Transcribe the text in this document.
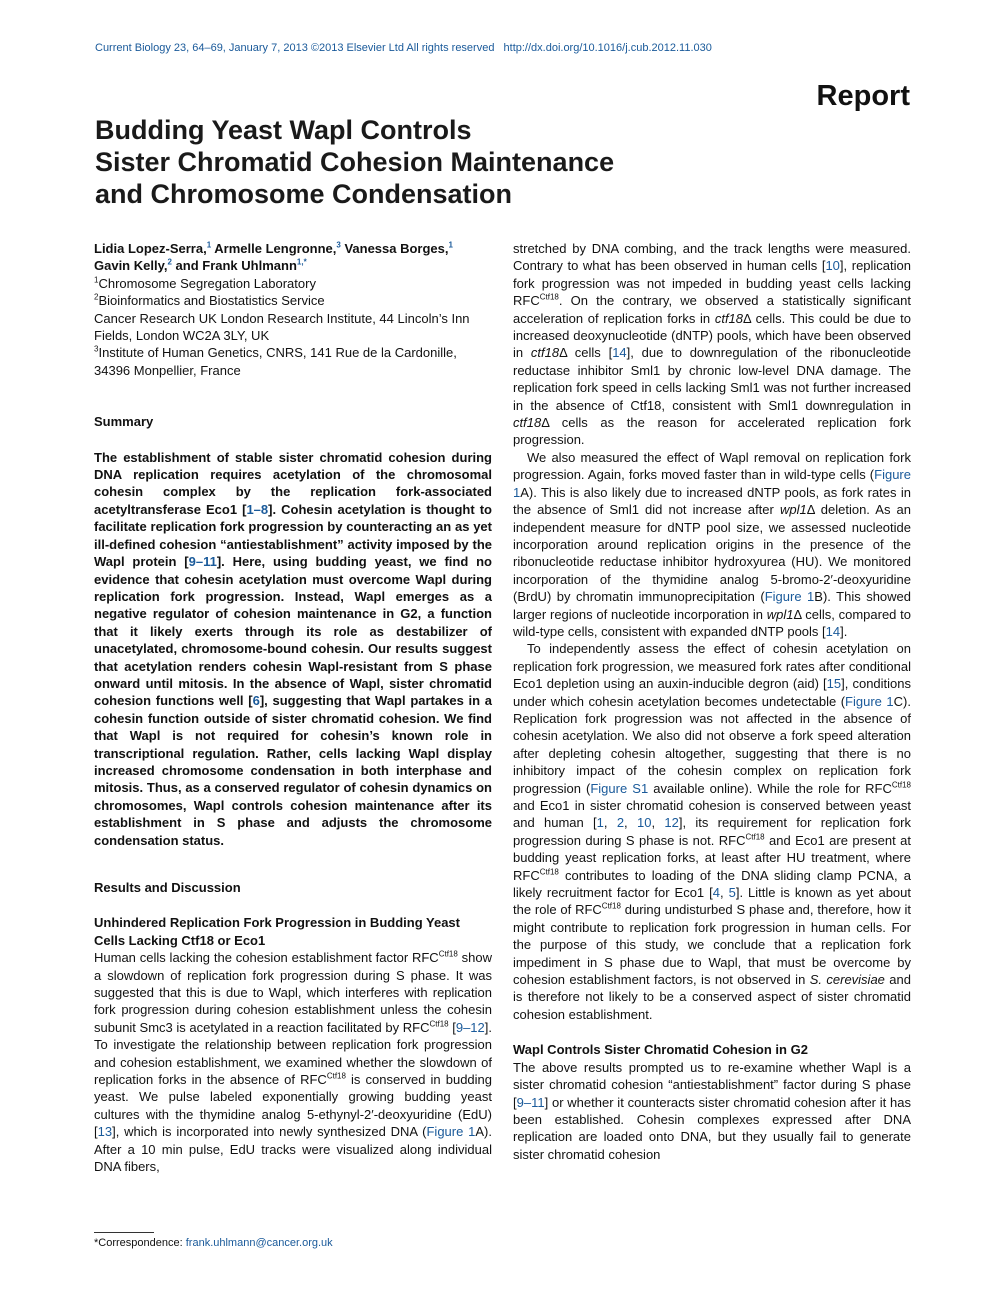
Current Biology 23, 64–69, January 7, 2013 ©2013 Elsevier Ltd All rights reserved http://dx.doi.org/10.1016/j.cub.2012.11.030
Report
Budding Yeast Wapl Controls
Sister Chromatid Cohesion Maintenance
and Chromosome Condensation
Lidia Lopez-Serra,$^1$ Armelle Lengronne,$^3$ Vanessa Borges,$^1$
Gavin Kelly,$^2$ and Frank Uhlmann$^{1,*}$
$^1$Chromosome Segregation Laboratory
$^2$Bioinformatics and Biostatistics Service
Cancer Research UK London Research Institute, 44 Lincoln’s Inn Fields, London WC2A 3LY, UK
$^3$Institute of Human Genetics, CNRS, 141 Rue de la Cardonille, 34396 Monpellier, France
Summary

The establishment of stable sister chromatid cohesion during DNA replication requires acetylation of the chromosomal cohesin complex by the replication fork-associated acetyltransferase Eco1 [1–8]. Cohesin acetylation is thought to facilitate replication fork progression by counteracting an as yet ill-defined cohesion “antiestablishment” activity imposed by the Wapl protein [9–11]. Here, using budding yeast, we find no evidence that cohesin acetylation must overcome Wapl during replication fork progression. Instead, Wapl emerges as a negative regulator of cohesion maintenance in G2, a function that it likely exerts through its role as destabilizer of unacetylated, chromosome-bound cohesin. Our results suggest that acetylation renders cohesin Wapl-resistant from S phase onward until mitosis. In the absence of Wapl, sister chromatid cohesion functions well [6], suggesting that Wapl partakes in a cohesin function outside of sister chromatid cohesion. We find that Wapl is not required for cohesin’s known role in transcriptional regulation. Rather, cells lacking Wapl display increased chromosome condensation in both interphase and mitosis. Thus, as a conserved regulator of cohesin dynamics on chromosomes, Wapl controls cohesion maintenance after its establishment in S phase and adjusts the chromosome condensation status.

Results and Discussion
Unhindered Replication Fork Progression in Budding Yeast Cells Lacking Ctf18 or Eco1

Human cells lacking the cohesion establishment factor $RFC^{Ctf18}$ show a slowdown of replication fork progression during S phase. It was suggested that this is due to Wapl, which interferes with replication fork progression during cohesion establishment unless the cohesin subunit Smc3 is acetylated in a reaction facilitated by $RFC^{Ctf18}$ [9–12]. To investigate the relationship between replication fork progression and cohesion establishment, we examined whether the slowdown of replication forks in the absence of $RFC^{Ctf18}$ is conserved in budding yeast. We pulse labeled exponentially growing budding yeast cultures with the thymidine analog 5-ethynyl-2′-deoxyuridine (EdU) [13], which is incorporated into newly synthesized DNA (Figure 1A). After a 10 min pulse, EdU tracks were visualized along individual DNA fibers,

stretched by DNA combing, and the track lengths were measured. Contrary to what has been observed in human cells [10], replication fork progression was not impeded in budding yeast cells lacking $RFC^{Ctf18}$. On the contrary, we observed a statistically significant acceleration of replication forks in ctf18Δ cells. This could be due to increased deoxynucleotide (dNTP) pools, which have been observed in ctf18Δ cells [14], due to downregulation of the ribonucleotide reductase inhibitor Sml1 by chronic low-level DNA damage. The replication fork speed in cells lacking Sml1 was not further increased in the absence of Ctf18, consistent with Sml1 downregulation in ctf18Δ cells as the reason for accelerated replication fork progression.

We also measured the effect of Wapl removal on replication fork progression. Again, forks moved faster than in wild-type cells (Figure 1A). This is also likely due to increased dNTP pools, as fork rates in the absence of Sml1 did not increase after wpl1Δ deletion. As an independent measure for dNTP pool size, we assessed nucleotide incorporation around replication origins in the presence of the ribonucleotide reductase inhibitor hydroxyurea (HU). We monitored incorporation of the thymidine analog 5-bromo-2′-deoxyuridine (BrdU) by chromatin immunoprecipitation (Figure 1B). This showed larger regions of nucleotide incorporation in wpl1Δ cells, compared to wild-type cells, consistent with expanded dNTP pools [14].

To independently assess the effect of cohesin acetylation on replication fork progression, we measured fork rates after conditional Eco1 depletion using an auxin-inducible degron (aid) [15], conditions under which cohesin acetylation becomes undetectable (Figure 1C). Replication fork progression was not affected in the absence of cohesin acetylation. We also did not observe a fork speed alteration after depleting cohesin altogether, suggesting that there is no inhibitory impact of the cohesin complex on replication fork progression (Figure S1 available online). While the role for $RFC^{Ctf18}$ and Eco1 in sister chromatid cohesion is conserved between yeast and human [1, 2, 10, 12], its requirement for replication fork progression during S phase is not. $RFC^{Ctf18}$ and Eco1 are present at budding yeast replication forks, at least after HU treatment, where $RFC^{Ctf18}$ contributes to loading of the DNA sliding clamp PCNA, a likely recruitment factor for Eco1 [4, 5]. Little is known as yet about the role of $RFC^{Ctf18}$ during undisturbed S phase and, therefore, how it might contribute to replication fork progression in human cells. For the purpose of this study, we conclude that a replication fork impediment in S phase due to Wapl, that must be overcome by cohesion establishment factors, is not observed in S. cerevisiae and is therefore not likely to be a conserved aspect of sister chromatid cohesion establishment.

Wapl Controls Sister Chromatid Cohesion in G2

The above results prompted us to re-examine whether Wapl is a sister chromatid cohesion “antiestablishment” factor during S phase [9–11] or whether it counteracts sister chromatid cohesion after it has been established. Cohesin complexes expressed after DNA replication are loaded onto DNA, but they usually fail to generate sister chromatid cohesion

*Correspondence: frank.uhlmann@cancer.org.uk
